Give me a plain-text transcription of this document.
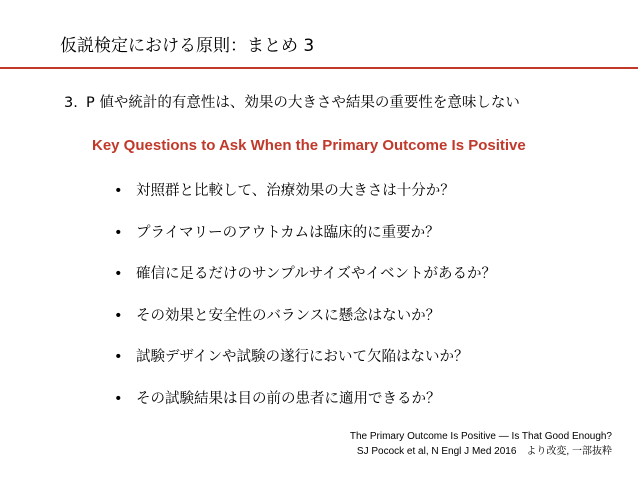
仮説検定における原則：まとめ 3
3. P 値や統計的有意性は、効果の大きさや結果の重要性を意味しない
Key Questions to Ask When the Primary Outcome Is Positive
• 対照群と比較して、治療効果の大きさは十分か？
• プライマリーのアウトカムは臨床的に重要か？
• 確信に足るだけのサンプルサイズやイベントがあるか？
• その効果と安全性のバランスに懸念はないか？
• 試験デザインや試験の遂行において欠陥はないか？
• その試験結果は目の前の患者に適用できるか？
The Primary Outcome Is Positive — Is That Good Enough?
SJ Pocock et al, N Engl J Med 2016　より改変, 一部抜粋
